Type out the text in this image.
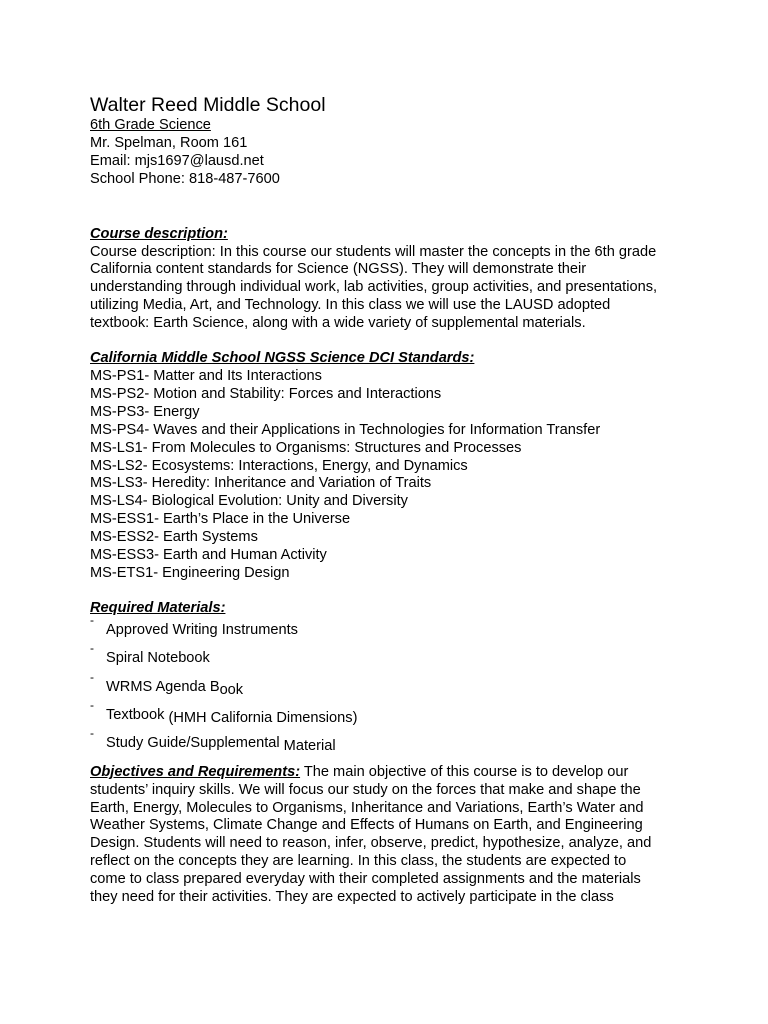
Walter Reed Middle School
6th Grade Science
Mr. Spelman, Room 161
Email: mjs1697@lausd.net
School Phone: 818-487-7600
Course description:
Course description: In this course our students will master the concepts in the 6th grade
California content standards for Science (NGSS). They will demonstrate their
understanding through individual work, lab activities, group activities, and presentations,
utilizing Media, Art, and Technology. In this class we will use the LAUSD adopted
textbook: Earth Science, along with a wide variety of supplemental materials.
California Middle School NGSS Science DCI Standards:
MS-PS1- Matter and Its Interactions
MS-PS2- Motion and Stability: Forces and Interactions
MS-PS3- Energy
MS-PS4- Waves and their Applications in Technologies for Information Transfer
MS-LS1- From Molecules to Organisms: Structures and Processes
MS-LS2- Ecosystems: Interactions, Energy, and Dynamics
MS-LS3- Heredity: Inheritance and Variation of Traits
MS-LS4- Biological Evolution: Unity and Diversity
MS-ESS1- Earth’s Place in the Universe
MS-ESS2- Earth Systems
MS-ESS3- Earth and Human Activity
MS-ETS1- Engineering Design
Required Materials:
-
Approved Writing Instruments
-
Spiral Notebook
-
WRMS Agenda Book
-
Textbook (HMH California Dimensions)
-
Study Guide/Supplemental Material
Objectives and Requirements: The main objective of this course is to develop our
students’ inquiry skills. We will focus our study on the forces that make and shape the
Earth, Energy, Molecules to Organisms, Inheritance and Variations, Earth’s Water and
Weather Systems, Climate Change and Effects of Humans on Earth, and Engineering
Design. Students will need to reason, infer, observe, predict, hypothesize, analyze, and
reflect on the concepts they are learning. In this class, the students are expected to
come to class prepared everyday with their completed assignments and the materials
they need for their activities. They are expected to actively participate in the class
